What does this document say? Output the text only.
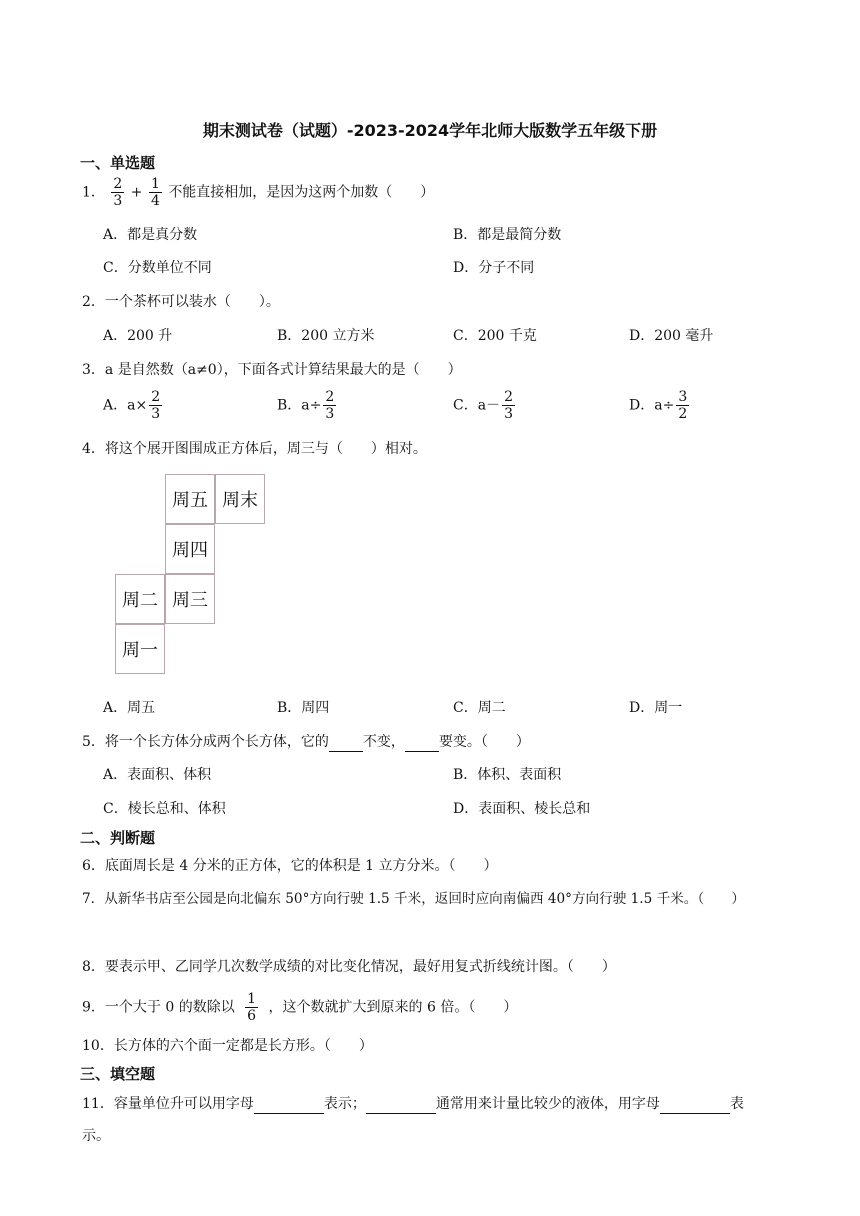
期末测试卷（试题）-2023-2024学年北师大版数学五年级下册
一、单选题
1． $\frac{2}{3} + \frac{1}{4}$ 不能直接相加，是因为这两个加数（　　）
A．都是真分数	B．都是最简分数
C．分数单位不同	D．分子不同
2．一个茶杯可以装水（　　）。
A．200 升	B．200 立方米	C．200 千克	D．200 毫升
3．a 是自然数（a≠0），下面各式计算结果最大的是（　　）
A．$a\times \frac{2}{3}$	B．$a\div \frac{2}{3}$	C．$a- \frac{2}{3}$	D．$a\div \frac{3}{2}$
4．将这个展开图围成正方体后，周三与（　　）相对。
周五 周末
周四
周二 周三
周一
A．周五	B．周四	C．周二	D．周一
5．将一个长方体分成两个长方体，它的 不变， 要变。（　　）
A．表面积、体积	B．体积、表面积
C．棱长总和、体积	D．表面积、棱长总和
二、判断题
6．底面周长是 4 分米的正方体，它的体积是 1 立方分米。（　　）
7．从新华书店至公园是向北偏东 50°方向行驶 1.5 千米，返回时应向南偏西 40°方向行驶 1.5 千米。（　　）
8．要表示甲、乙同学几次数学成绩的对比变化情况，最好用复式折线统计图。（　　）
9．一个大于 0 的数除以 $\frac{1}{6}$ ，这个数就扩大到原来的 6 倍。（　　）
10．长方体的六个面一定都是长方形。（　　）
三、填空题
11．容量单位升可以用字母	表示；	通常用来计量比较少的液体，用字母	表
示。
